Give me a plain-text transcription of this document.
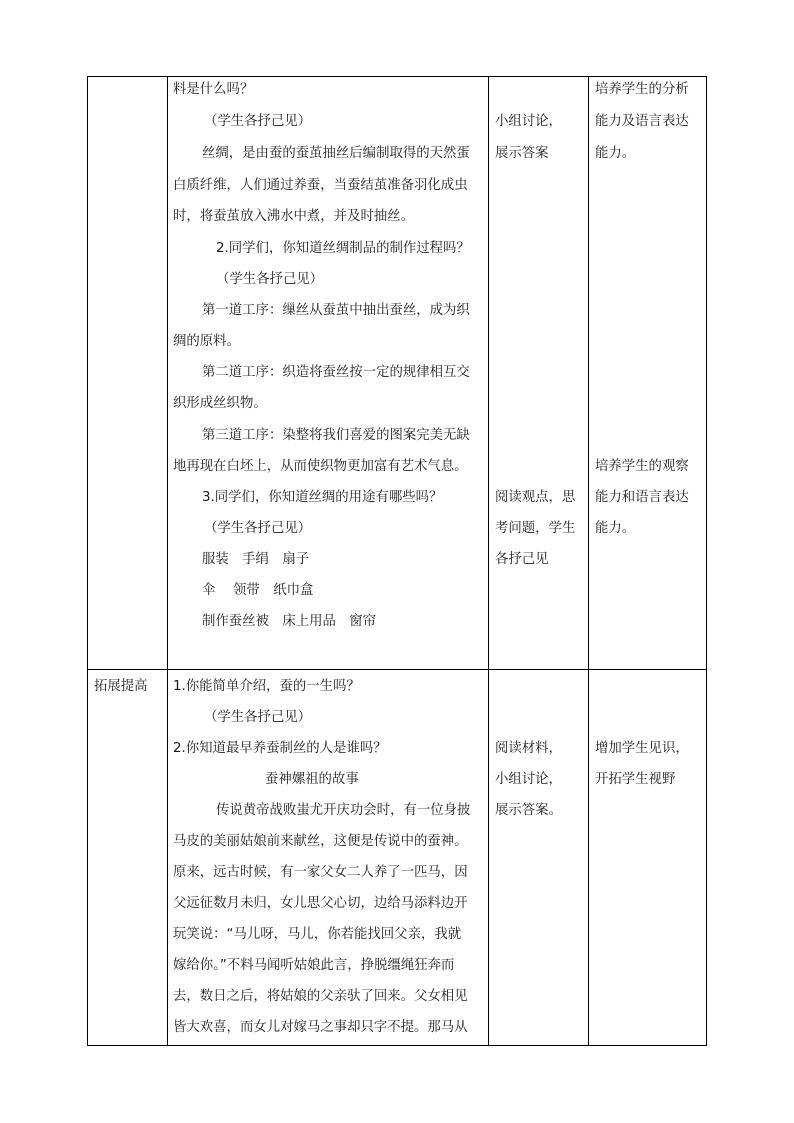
料是什么吗？
（学生各抒己见）
丝绸，是由蚕的蚕茧抽丝后编制取得的天然蛋
白质纤维，人们通过养蚕，当蚕结茧准备羽化成虫
时，将蚕茧放入沸水中煮，并及时抽丝。
2.同学们，你知道丝绸制品的制作过程吗？
（学生各抒己见）
第一道工序：缫丝从蚕茧中抽出蚕丝，成为织
绸的原料。
第二道工序：织造将蚕丝按一定的规律相互交
织形成丝织物。
第三道工序：染整将我们喜爱的图案完美无缺
地再现在白坯上，从而使织物更加富有艺术气息。
3.同学们，你知道丝绸的用途有哪些吗？
（学生各抒己见）
服装　手绢　扇子
伞　 领带　纸巾盒
制作蚕丝被　床上用品　窗帘
小组讨论，
展示答案
阅读观点，思
考问题，学生
各抒己见
培养学生的分析
能力及语言表达
能力。
培养学生的观察
能力和语言表达
能力。
拓展提高 1.你能简单介绍，蚕的一生吗？
（学生各抒己见）
2.你知道最早养蚕制丝的人是谁吗？
蚕神嫘祖的故事
传说黄帝战败蚩尤开庆功会时，有一位身披
马皮的美丽姑娘前来献丝，这便是传说中的蚕神。
原来，远古时候，有一家父女二人养了一匹马，因
父远征数月未归，女儿思父心切，边给马添料边开
玩笑说：“马儿呀，马儿，你若能找回父亲，我就
嫁给你。”不料马闻听姑娘此言，挣脱缰绳狂奔而
去，数日之后，将姑娘的父亲驮了回来。父女相见
皆大欢喜，而女儿对嫁马之事却只字不提。那马从
阅读材料，
小组讨论，
展示答案。
增加学生见识，
开拓学生视野
